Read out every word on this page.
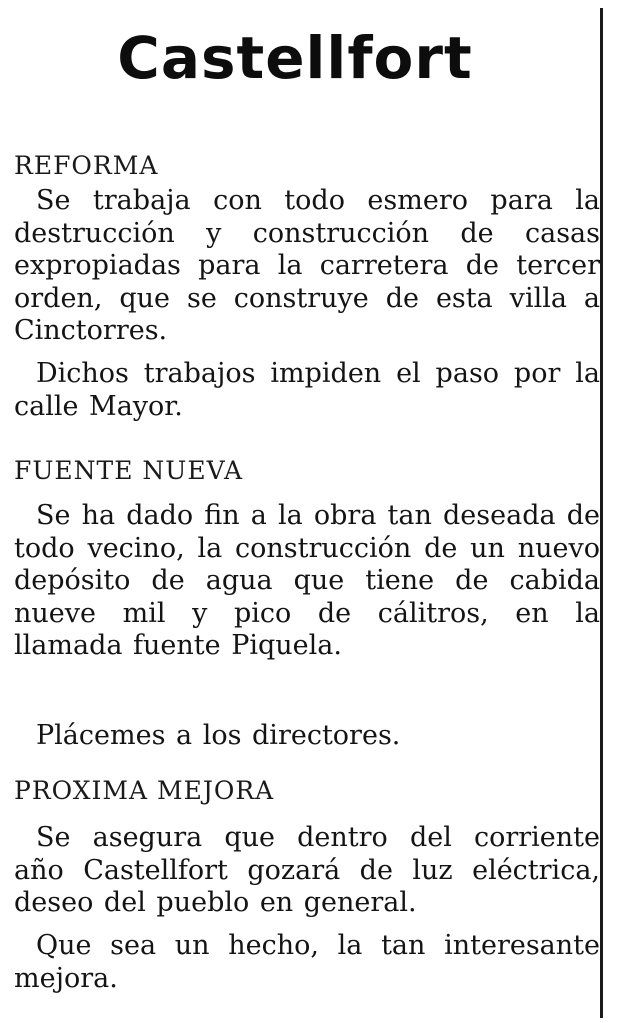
Castellfort
REFORMA
Se trabaja con todo esmero para la destrucción y construcción de casas expropiadas para la carretera de tercer orden, que se construye de esta villa a Cinctorres.
Dichos trabajos impiden el paso por la calle Mayor.
FUENTE NUEVA
Se ha dado fin a la obra tan deseada de todo vecino, la construcción de un nuevo depósito de agua que tiene de cabida nueve mil y pico de cálitros, en la llamada fuente Piquela.
Plácemes a los directores.
PROXIMA MEJORA
Se asegura que dentro del corriente año Castellfort gozará de luz eléctrica, deseo del pueblo en general.
Que sea un hecho, la tan interesante mejora.
